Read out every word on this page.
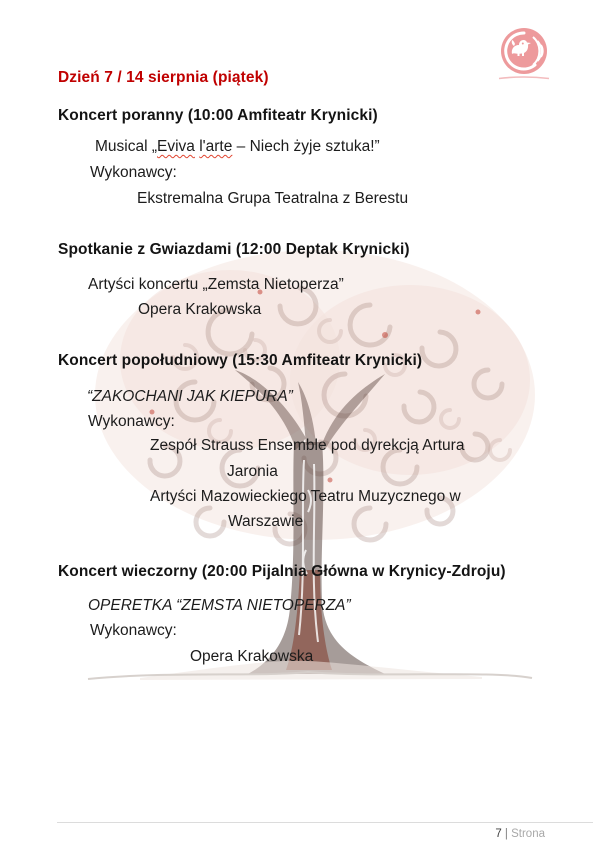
Dzień 7 / 14 sierpnia (piątek)
Koncert poranny (10:00 Amfiteatr Krynicki)
Musical „Eviva l'arte – Niech żyje sztuka!”
Wykonawcy:
Ekstremalna Grupa Teatralna z Berestu
Spotkanie z Gwiazdami (12:00 Deptak Krynicki)
Artyści koncertu „Zemsta Nietoperza”
Opera Krakowska
Koncert popołudniowy (15:30 Amfiteatr Krynicki)
“ZAKOCHANI JAK KIEPURA”
Wykonawcy:
Zespół Strauss Ensemble pod dyrekcją Artura
Jaronia
Artyści Mazowieckiego Teatru Muzycznego w
Warszawie
Koncert wieczorny (20:00 Pijalnia Główna w Krynicy-Zdroju)
OPERETKA “ZEMSTA NIETOPERZA”
Wykonawcy:
Opera Krakowska
7 | Strona
